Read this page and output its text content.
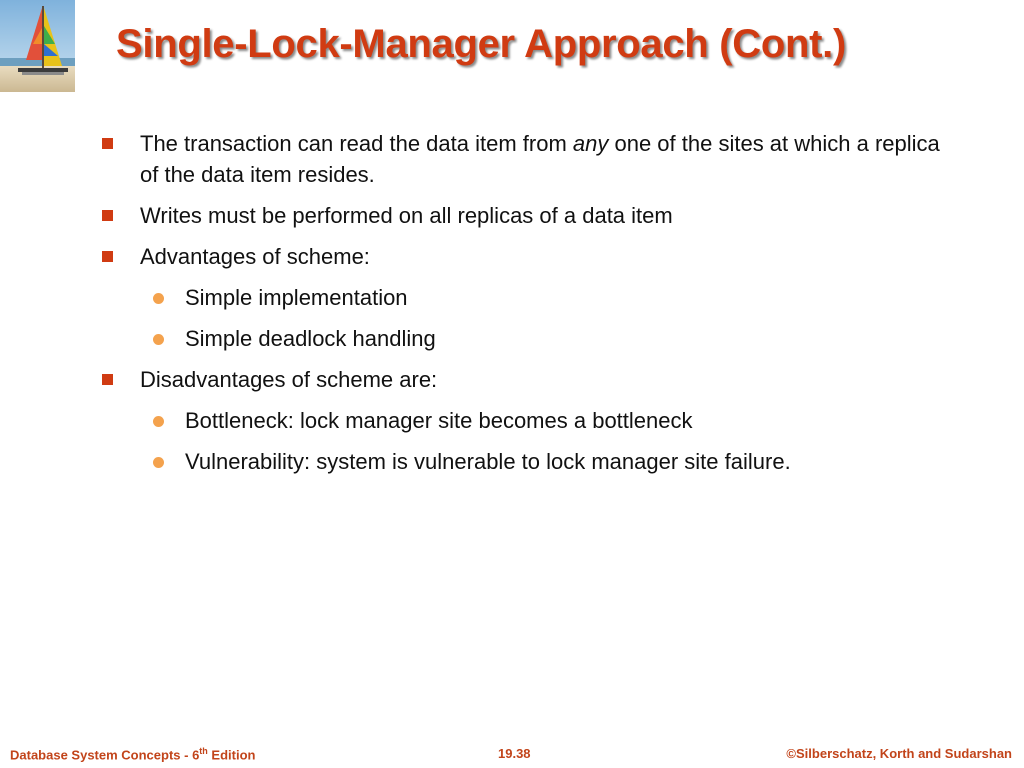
Single-Lock-Manager Approach (Cont.)
The transaction can read the data item from any one of the sites at which a replica of the data item resides.
Writes must be performed on all replicas of a data item
Advantages of scheme:
Simple implementation
Simple deadlock handling
Disadvantages of scheme are:
Bottleneck: lock manager site becomes a bottleneck
Vulnerability: system is vulnerable to lock manager site failure.
Database System Concepts - 6th Edition	19.38	©Silberschatz, Korth and Sudarshan
